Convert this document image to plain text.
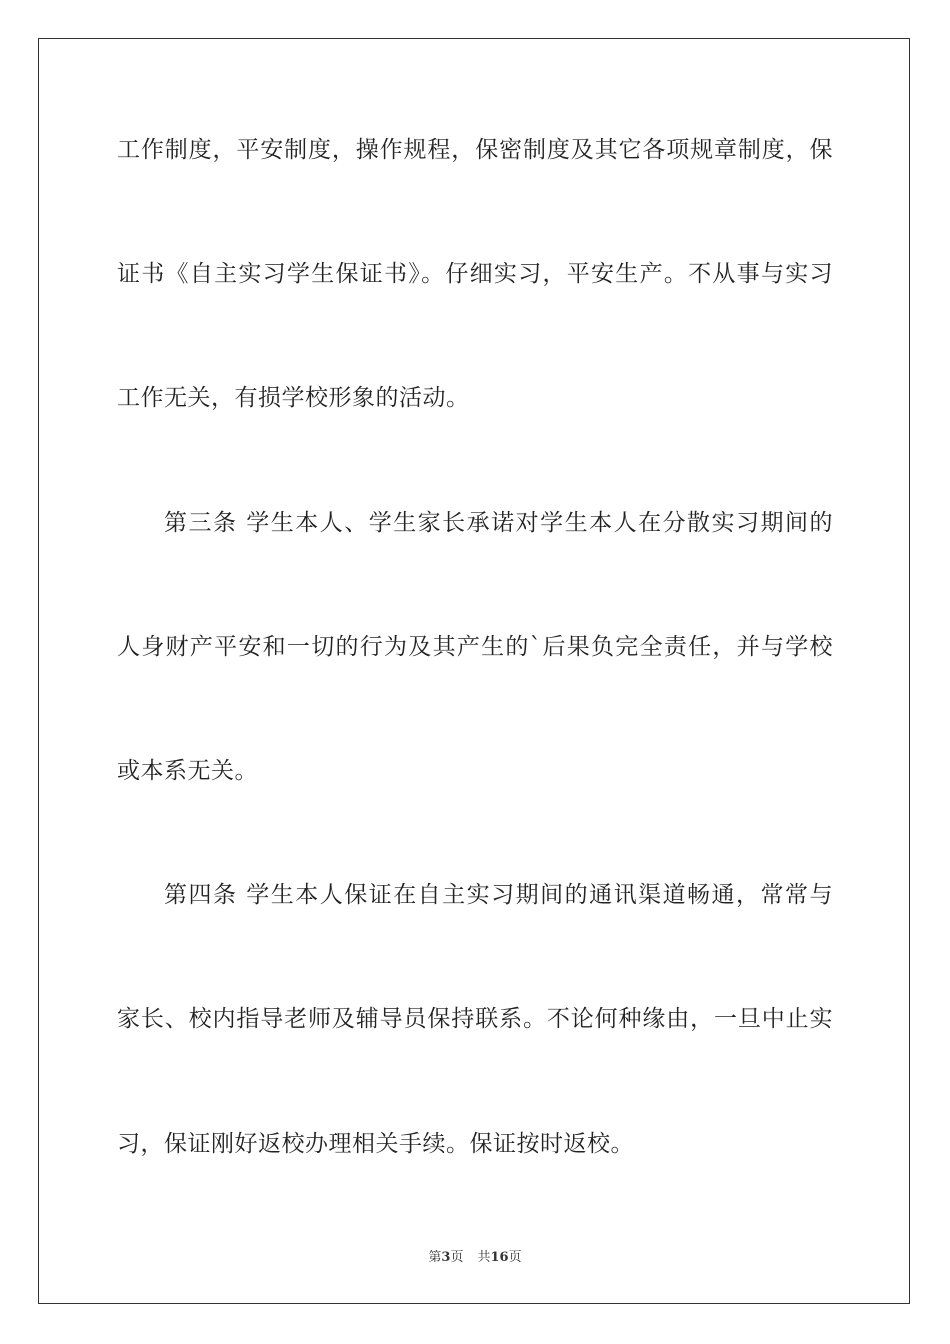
工作制度，平安制度，操作规程，保密制度及其它各项规章制度，保
证书《自主实习学生保证书》。仔细实习，平安生产。不从事与实习
工作无关，有损学校形象的活动。
第三条 学生本人、学生家长承诺对学生本人在分散实习期间的
人身财产平安和一切的行为及其产生的`后果负完全责任，并与学校
或本系无关。
第四条 学生本人保证在自主实习期间的通讯渠道畅通，常常与
家长、校内指导老师及辅导员保持联系。不论何种缘由，一旦中止实
习，保证刚好返校办理相关手续。保证按时返校。
第3页 共16页
